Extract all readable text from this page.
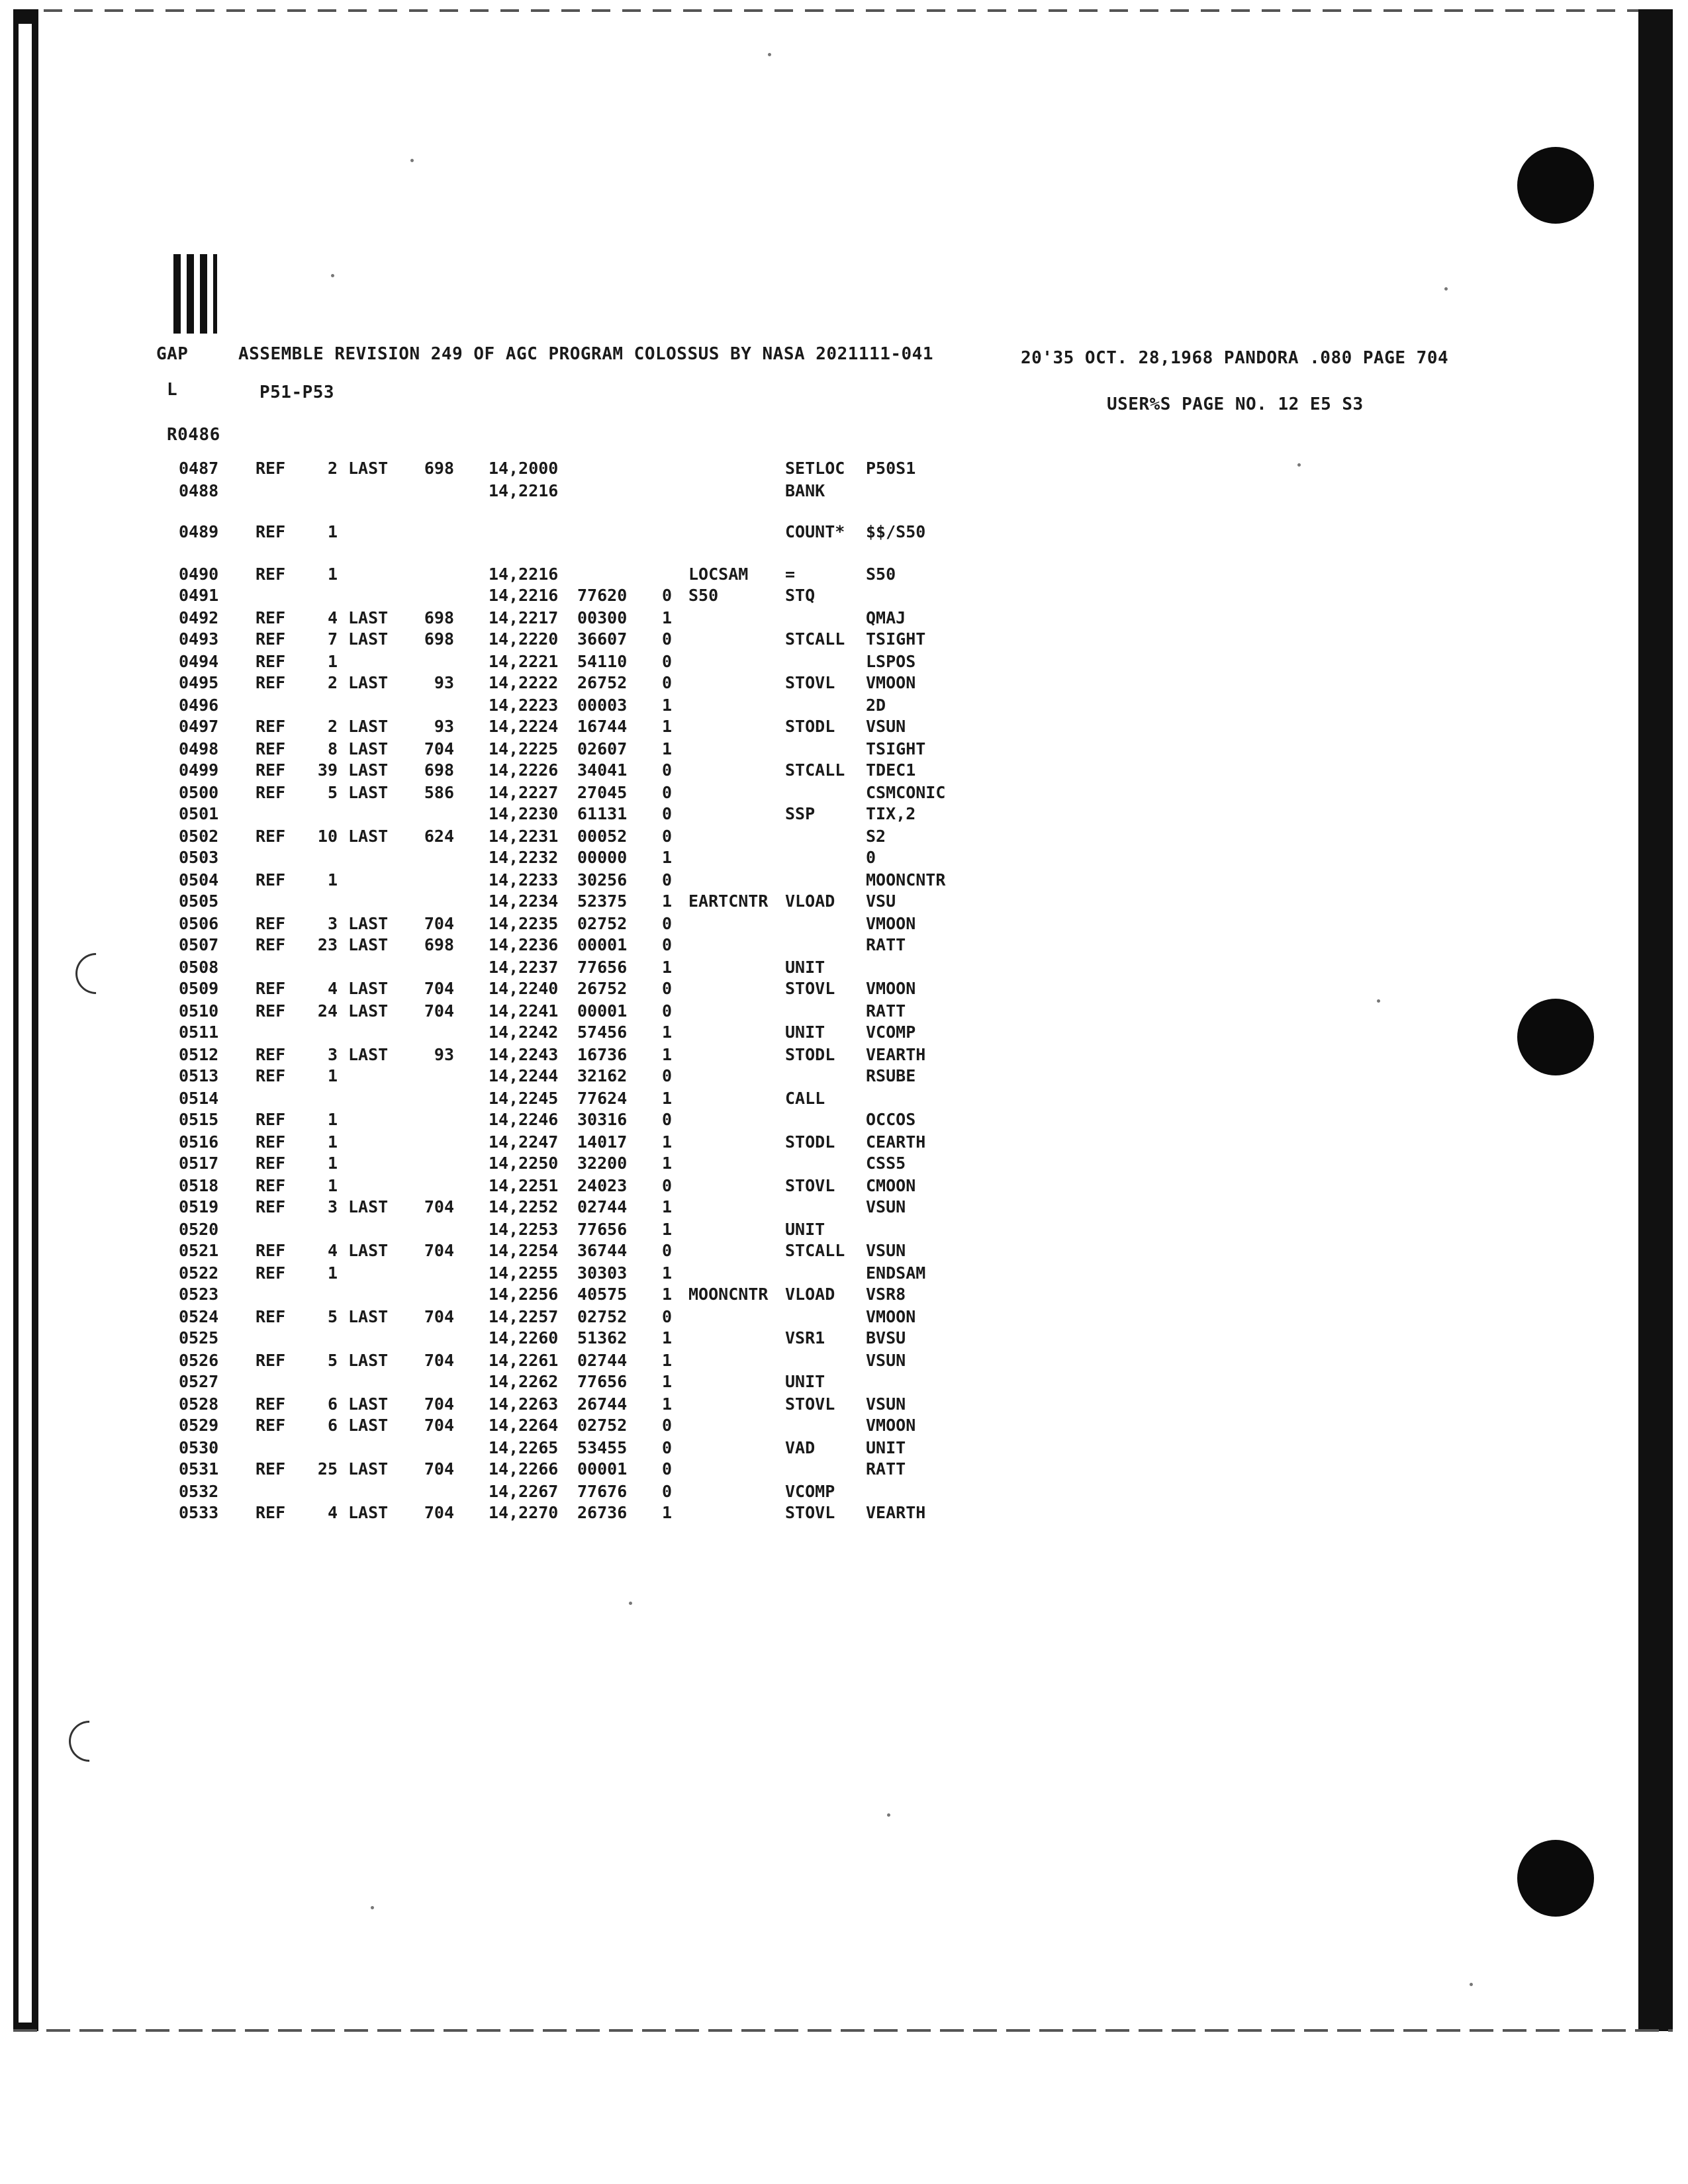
GAP	ASSEMBLE REVISION 249 OF AGC PROGRAM COLOSSUS BY NASA 2021111-041	20'35 OCT. 28,1968 PANDORA .080 PAGE 704
L	P51-P53
USER%S PAGE NO. 12 E5 S3
R0486
0487 REF	2 LAST	698 14,2000	SETLOC P50S1
0488	14,2216	BANK
0489 REF	1	COUNT* $$/S50
0490 REF	1	14,2216	LOCSAM =	S50
0491	14,2216 77620 0 S50	STQ
0492 REF	4 LAST	698 14,2217 00300 1	QMAJ
0493 REF	7 LAST	698 14,2220 36607 0	STCALL TSIGHT
0494 REF	1	14,2221 54110 0	LSPOS
0495 REF	2 LAST	93 14,2222 26752 0	STOVL VMOON
0496	14,2223 00003 1	2D
0497 REF	2 LAST	93 14,2224 16744 1	STODL VSUN
0498 REF	8 LAST	704 14,2225 02607 1	TSIGHT
0499 REF	39 LAST	698 14,2226 34041 0	STCALL TDEC1
0500 REF	5 LAST	586 14,2227 27045 0	CSMCONIC
0501	14,2230 61131 0	SSP	TIX,2
0502 REF	10 LAST	624 14,2231 00052 0	S2
0503	14,2232 00000 1	0
0504 REF	1	14,2233 30256 0	MOONCNTR
0505	14,2234 52375 1 EARTCNTR VLOAD VSU
0506 REF	3 LAST	704 14,2235 02752 0	VMOON
0507 REF	23 LAST	698 14,2236 00001 0	RATT
0508	14,2237 77656 1	UNIT
0509 REF	4 LAST	704 14,2240 26752 0	STOVL VMOON
0510 REF	24 LAST	704 14,2241 00001 0	RATT
0511	14,2242 57456 1	UNIT VCOMP
0512 REF	3 LAST	93 14,2243 16736 1	STODL VEARTH
0513 REF	1	14,2244 32162 0	RSUBE
0514	14,2245 77624 1	CALL
0515 REF	1	14,2246 30316 0	OCCOS
0516 REF	1	14,2247 14017 1	STODL CEARTH
0517 REF	1	14,2250 32200 1	CSS5
0518 REF	1	14,2251 24023 0	STOVL CMOON
0519 REF	3 LAST	704 14,2252 02744 1	VSUN
0520	14,2253 77656 1	UNIT
0521 REF	4 LAST	704 14,2254 36744 0	STCALL VSUN
0522 REF	1	14,2255 30303 1	ENDSAM
0523	14,2256 40575 1 MOONCNTR VLOAD VSR8
0524 REF	5 LAST	704 14,2257 02752 0	VMOON
0525	14,2260 51362 1	VSR1 BVSU
0526 REF	5 LAST	704 14,2261 02744 1	VSUN
0527	14,2262 77656 1	UNIT
0528 REF	6 LAST	704 14,2263 26744 1	STOVL VSUN
0529 REF	6 LAST	704 14,2264 02752 0	VMOON
0530	14,2265 53455 0	VAD	UNIT
0531 REF	25 LAST	704 14,2266 00001 0	RATT
0532	14,2267 77676 0	VCOMP
0533 REF	4 LAST	704 14,2270 26736 1	STOVL VEARTH
